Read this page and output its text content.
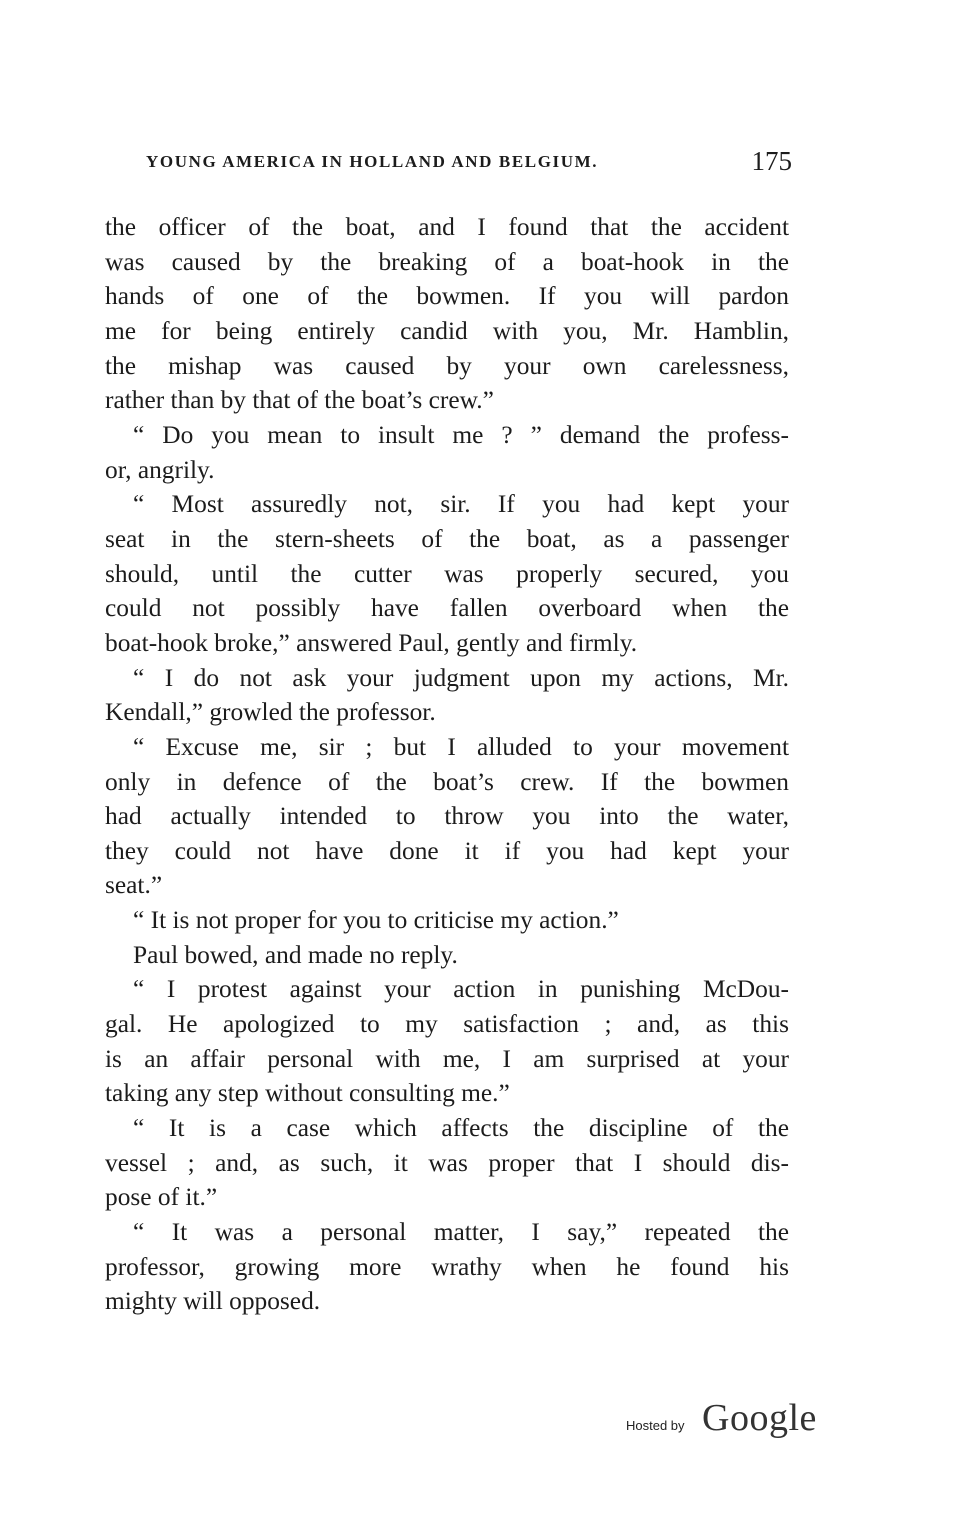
YOUNG AMERICA IN HOLLAND AND BELGIUM.	175

the officer of the boat, and I found that the accident

was caused by the breaking of a boat-hook in the

hands of one of the bowmen. If you will pardon

me for being entirely candid with you, Mr. Hamblin,

the mishap was caused by your own carelessness,

rather than by that of the boat’s crew.”

“ Do you mean to insult me ? ” demand the profess-

or, angrily.

“ Most assuredly not, sir. If you had kept your

seat in the stern-sheets of the boat, as a passenger

should, until the cutter was properly secured, you

could not possibly have fallen overboard when the

boat-hook broke,” answered Paul, gently and firmly.

“ I do not ask your judgment upon my actions, Mr.

Kendall,” growled the professor.

“ Excuse me, sir ; but I alluded to your movement

only in defence of the boat’s crew. If the bowmen

had actually intended to throw you into the water,

they could not have done it if you had kept your

seat.”

“ It is not proper for you to criticise my action.”

Paul bowed, and made no reply.

“ I protest against your action in punishing McDou-

gal. He apologized to my satisfaction ; and, as this

is an affair personal with me, I am surprised at your

taking any step without consulting me.”

“ It is a case which affects the discipline of the

vessel ; and, as such, it was proper that I should dis-

pose of it.”

“ It was a personal matter, I say,” repeated the

professor, growing more wrathy when he found his

mighty will opposed.

Hosted by Google
